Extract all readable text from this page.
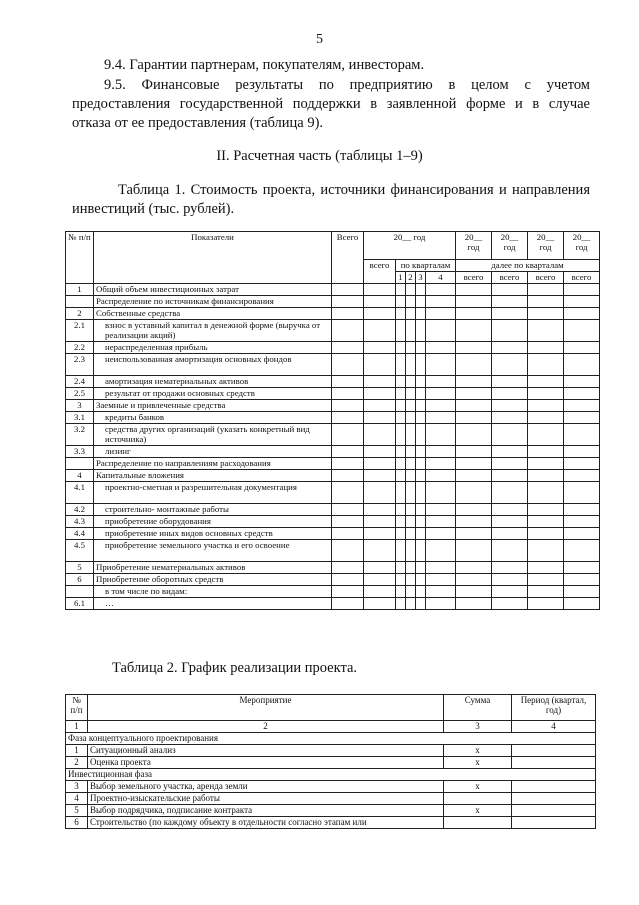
5
9.4. Гарантии партнерам, покупателям, инвесторам.
9.5. Финансовые результаты по предприятию в целом с учетом
предоставления государственной поддержки в заявленной форме и в случае
отказа от ее предоставления (таблица 9).
II. Расчетная часть (таблицы 1–9)
Таблица 1. Стоимость проекта, источники финансирования и направления
инвестиций (тыс. рублей).
№ п/п	Показатели	Всего	20__ год					20__ год	20__ год	20__ год	20__ год
			всего	по кварталам				далее по кварталам			
				1	2	3	4	всего	всего	всего	всего
1	Общий объем инвестиционных затрат										
	Распределение по источникам финансирования										
2	Собственные средства										
2.1	взнос в уставный капитал в денежной форме (выручка от реализации акций)										
2.2	нераспределенная прибыль										
2.3	неиспользованная амортизация основных фондов										
2.4	амортизация нематериальных активов										
2.5	результат от продажи основных средств										
3	Заемные и привлеченные средства										
3.1	кредиты банков										
3.2	средства других организаций (указать конкретный вид источника)										
3.3	лизинг										
	Распределение по направлениям расходования										
4	Капитальные вложения										
4.1	проектно-сметная и разрешительная документация										
4.2	строительно- монтажные работы										
4.3	приобретение оборудования										
4.4	приобретение иных видов основных средств										
4.5	приобретение земельного участка и его освоение										
5	Приобретение нематериальных активов										
6	Приобретение оборотных средств										
	в том числе по видам:										
6.1	…										
Таблица 2. График реализации проекта.
№ п/п	Мероприятие	Сумма	Период (квартал, год)
1	2	3	4
Фаза концептуального проектирования			
1	Ситуационный анализ	x	
2	Оценка проекта	x	
Инвестиционная фаза			
3	Выбор земельного участка, аренда земли	x	
4	Проектно-изыскательские работы		
5	Выбор подрядчика, подписание контракта	x	
6	Строительство (по каждому объекту в отдельности согласно этапам или		
